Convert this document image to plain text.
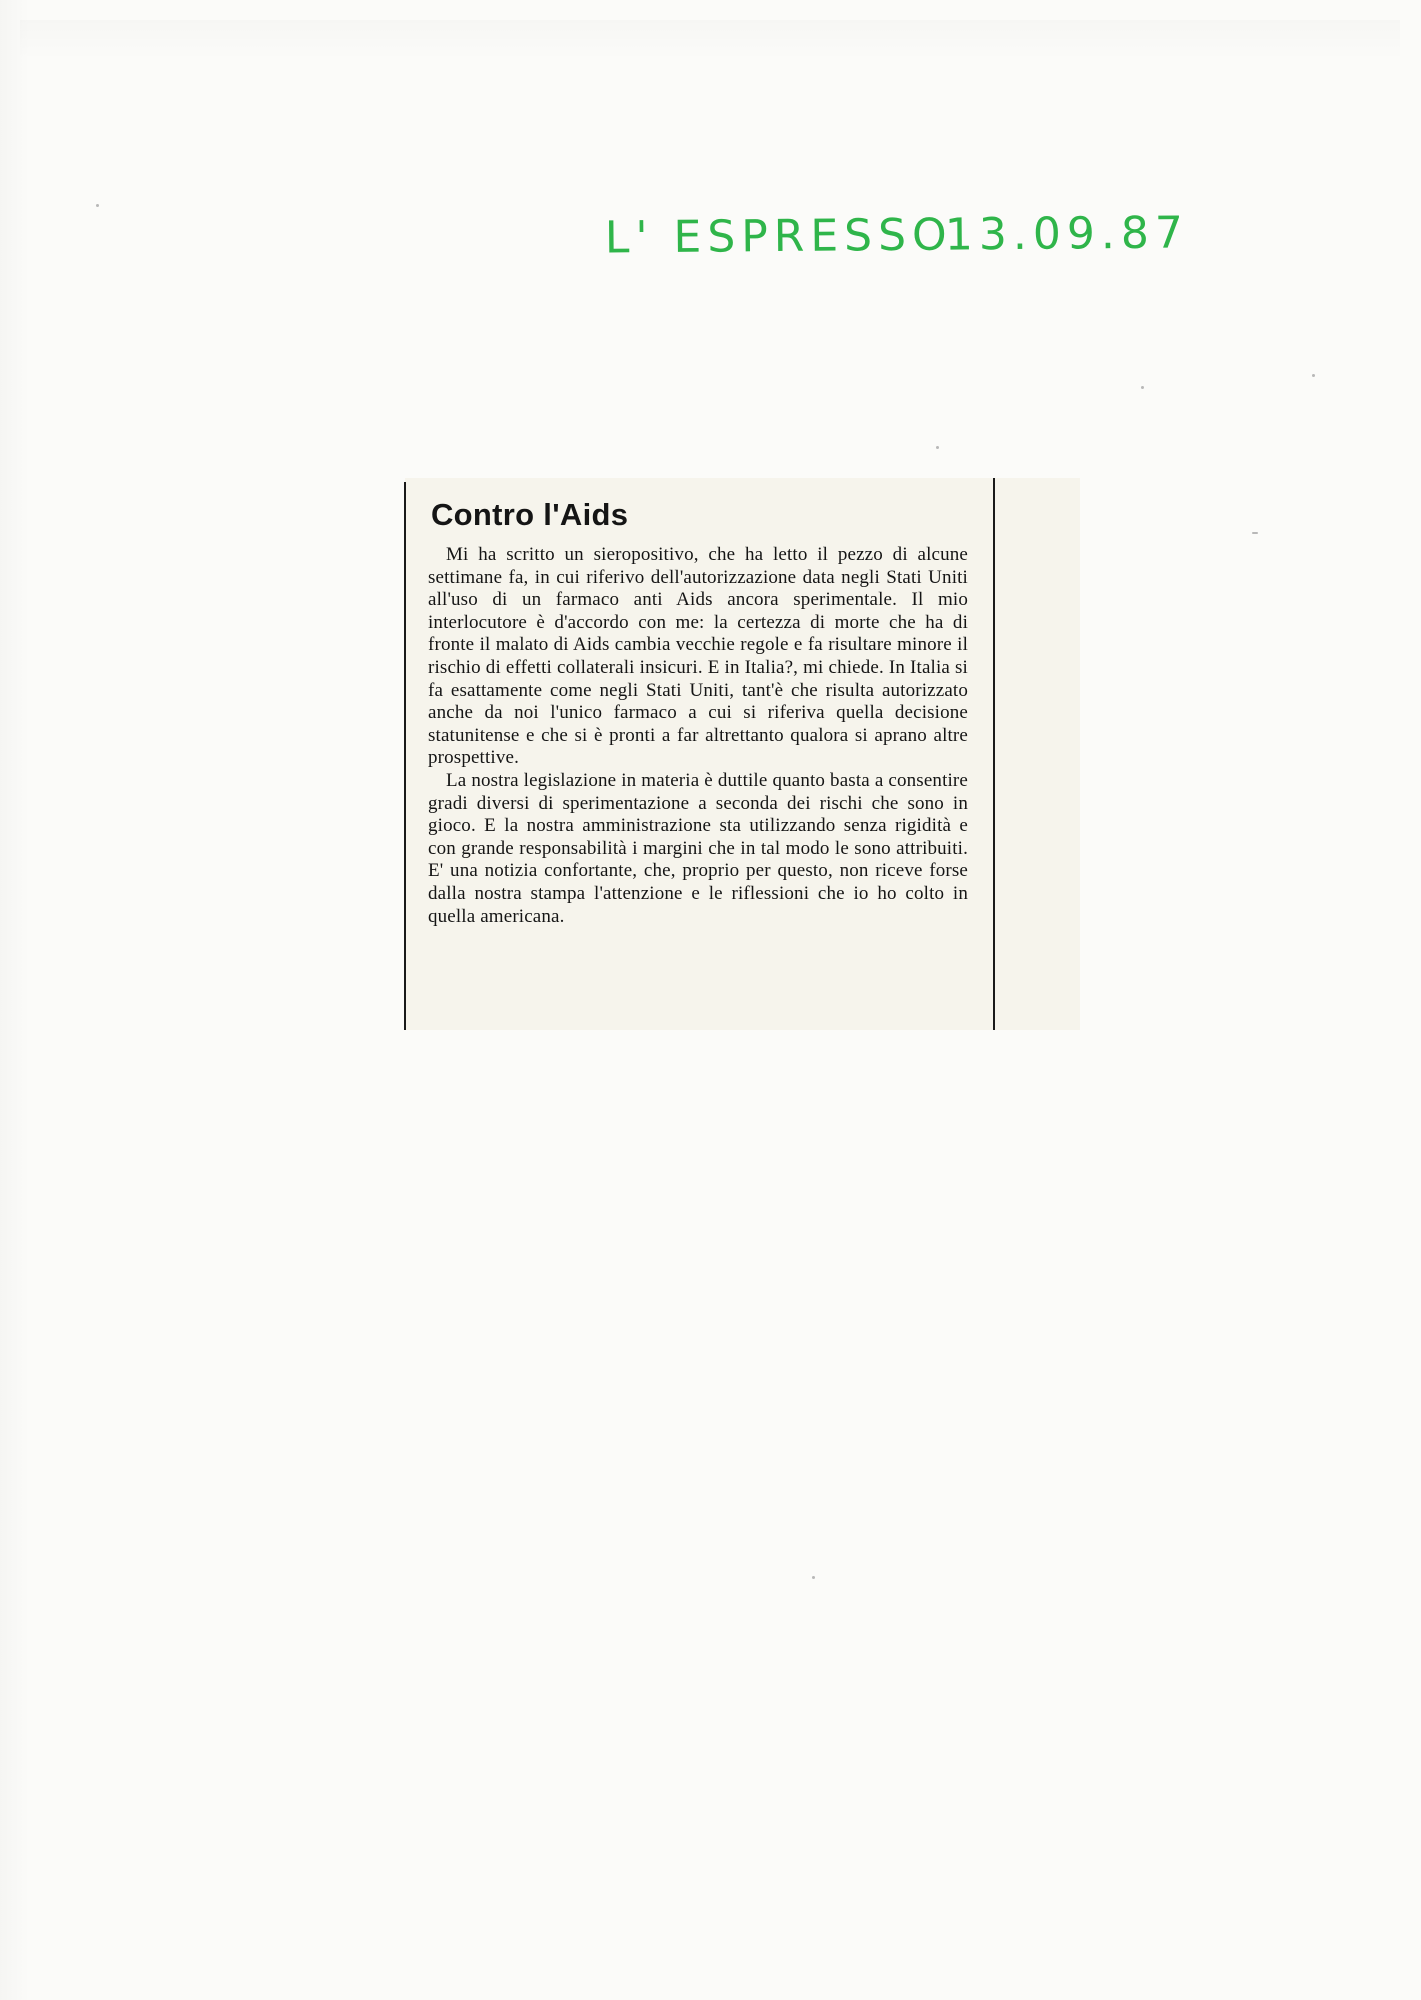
L' ESPRESSO
13.09.87
Contro l'Aids

Mi ha scritto un sieropositivo, che ha letto il pezzo di alcune settimane fa, in cui riferivo dell'autorizzazione data negli Stati Uniti all'uso di un farmaco anti Aids ancora sperimentale. Il mio interlocutore è d'accordo con me: la certezza di morte che ha di fronte il malato di Aids cambia vecchie regole e fa risultare minore il rischio di effetti collaterali insicuri. E in Italia?, mi chiede. In Italia si fa esattamente come negli Stati Uniti, tant'è che risulta autorizzato anche da noi l'unico farmaco a cui si riferiva quella decisione statunitense e che si è pronti a far altrettanto qualora si aprano altre prospettive.

La nostra legislazione in materia è duttile quanto basta a consentire gradi diversi di sperimentazione a seconda dei rischi che sono in gioco. E la nostra amministrazione sta utilizzando senza rigidità e con grande responsabilità i margini che in tal modo le sono attribuiti. E' una notizia confortante, che, proprio per questo, non riceve forse dalla nostra stampa l'attenzione e le riflessioni che io ho colto in quella americana.
